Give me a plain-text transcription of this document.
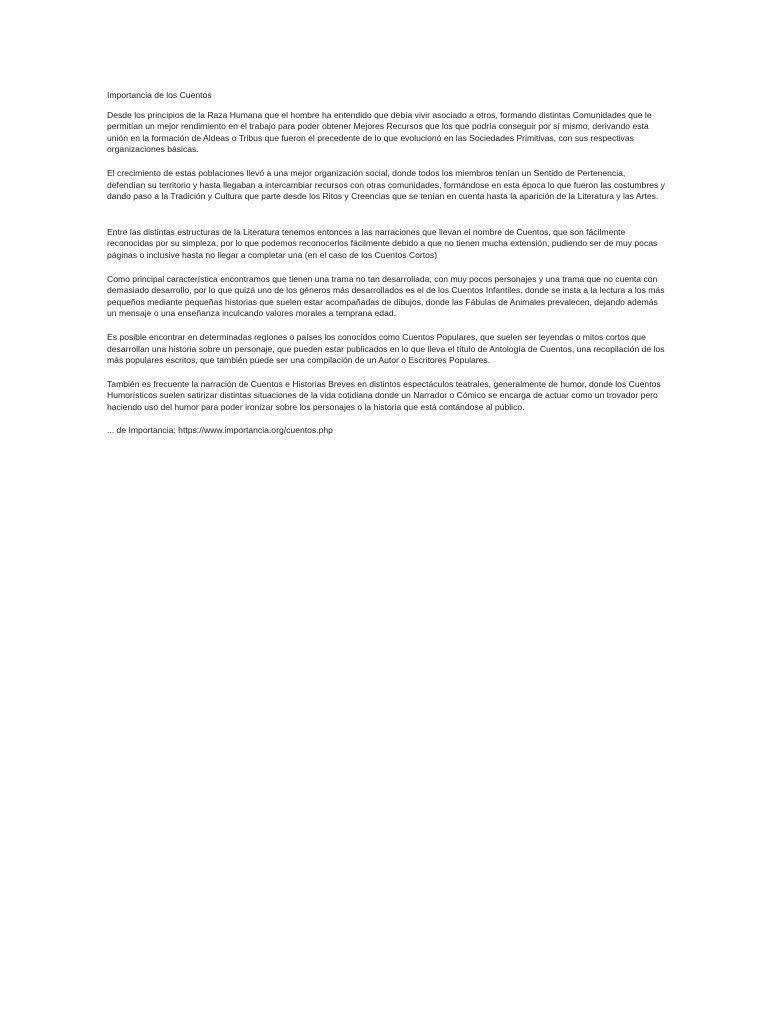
Importancia de los Cuentos

Desde los principios de la Raza Humana que el hombre ha entendido que debía vivir asociado a otros, formando distintas Comunidades que le permitían un mejor rendimiento en el trabajo para poder obtener Mejores Recursos que los que podría conseguir por sí mismo, derivando esta unión en la formación de Aldeas o Tribus que fueron el precedente de lo que evolucionó en las Sociedades Primitivas, con sus respectivas organizaciones básicas.

El crecimiento de estas poblaciones llevó a una mejor organización social, donde todos los miembros tenían un Sentido de Pertenencia, defendían su territorio y hasta llegaban a intercambiar recursos con otras comunidades, formándose en esta época lo que fueron las costumbres y dando paso a la Tradición y Cultura que parte desde los Ritos y Creencias que se tenían en cuenta hasta la aparición de la Literatura y las Artes.

Entre las distintas estructuras de la Literatura tenemos entonces a las narraciones que llevan el nombre de Cuentos, que son fácilmente reconocidas por su simpleza, por lo que podemos reconocerlos fácilmente debido a que no tienen mucha extensión, pudiendo ser de muy pocas páginas o inclusive hasta no llegar a completar una (en el caso de los Cuentos Cortos)

Como principal característica encontramos que tienen una trama no tan desarrollada, con muy pocos personajes y una trama que no cuenta con demasiado desarrollo, por lo que quizá uno de los géneros más desarrollados es el de los Cuentos Infantiles, donde se insta a la lectura a los más pequeños mediante pequeñas historias que suelen estar acompañadas de dibujos, donde las Fábulas de Animales prevalecen, dejando además un mensaje o una enseñanza inculcando valores morales a temprana edad.

Es posible encontrar en determinadas regiones o países los conocidos como Cuentos Populares, que suelen ser leyendas o mitos cortos que desarrollan una historia sobre un personaje, que pueden estar publicados en lo que lleva el título de Antología de Cuentos, una recopilación de los más populares escritos, que también puede ser una compilación de un Autor o Escritores Populares.

También es frecuente la narración de Cuentos e Historias Breves en distintos espectáculos teatrales, generalmente de humor, donde los Cuentos Humorísticos suelen satirizar distintas situaciones de la vida cotidiana donde un Narrador o Cómico se encarga de actuar como un trovador pero haciendo uso del humor para poder ironizar sobre los personajes o la historia que está contándose al público.

... de Importancia: https://www.importancia.org/cuentos.php
